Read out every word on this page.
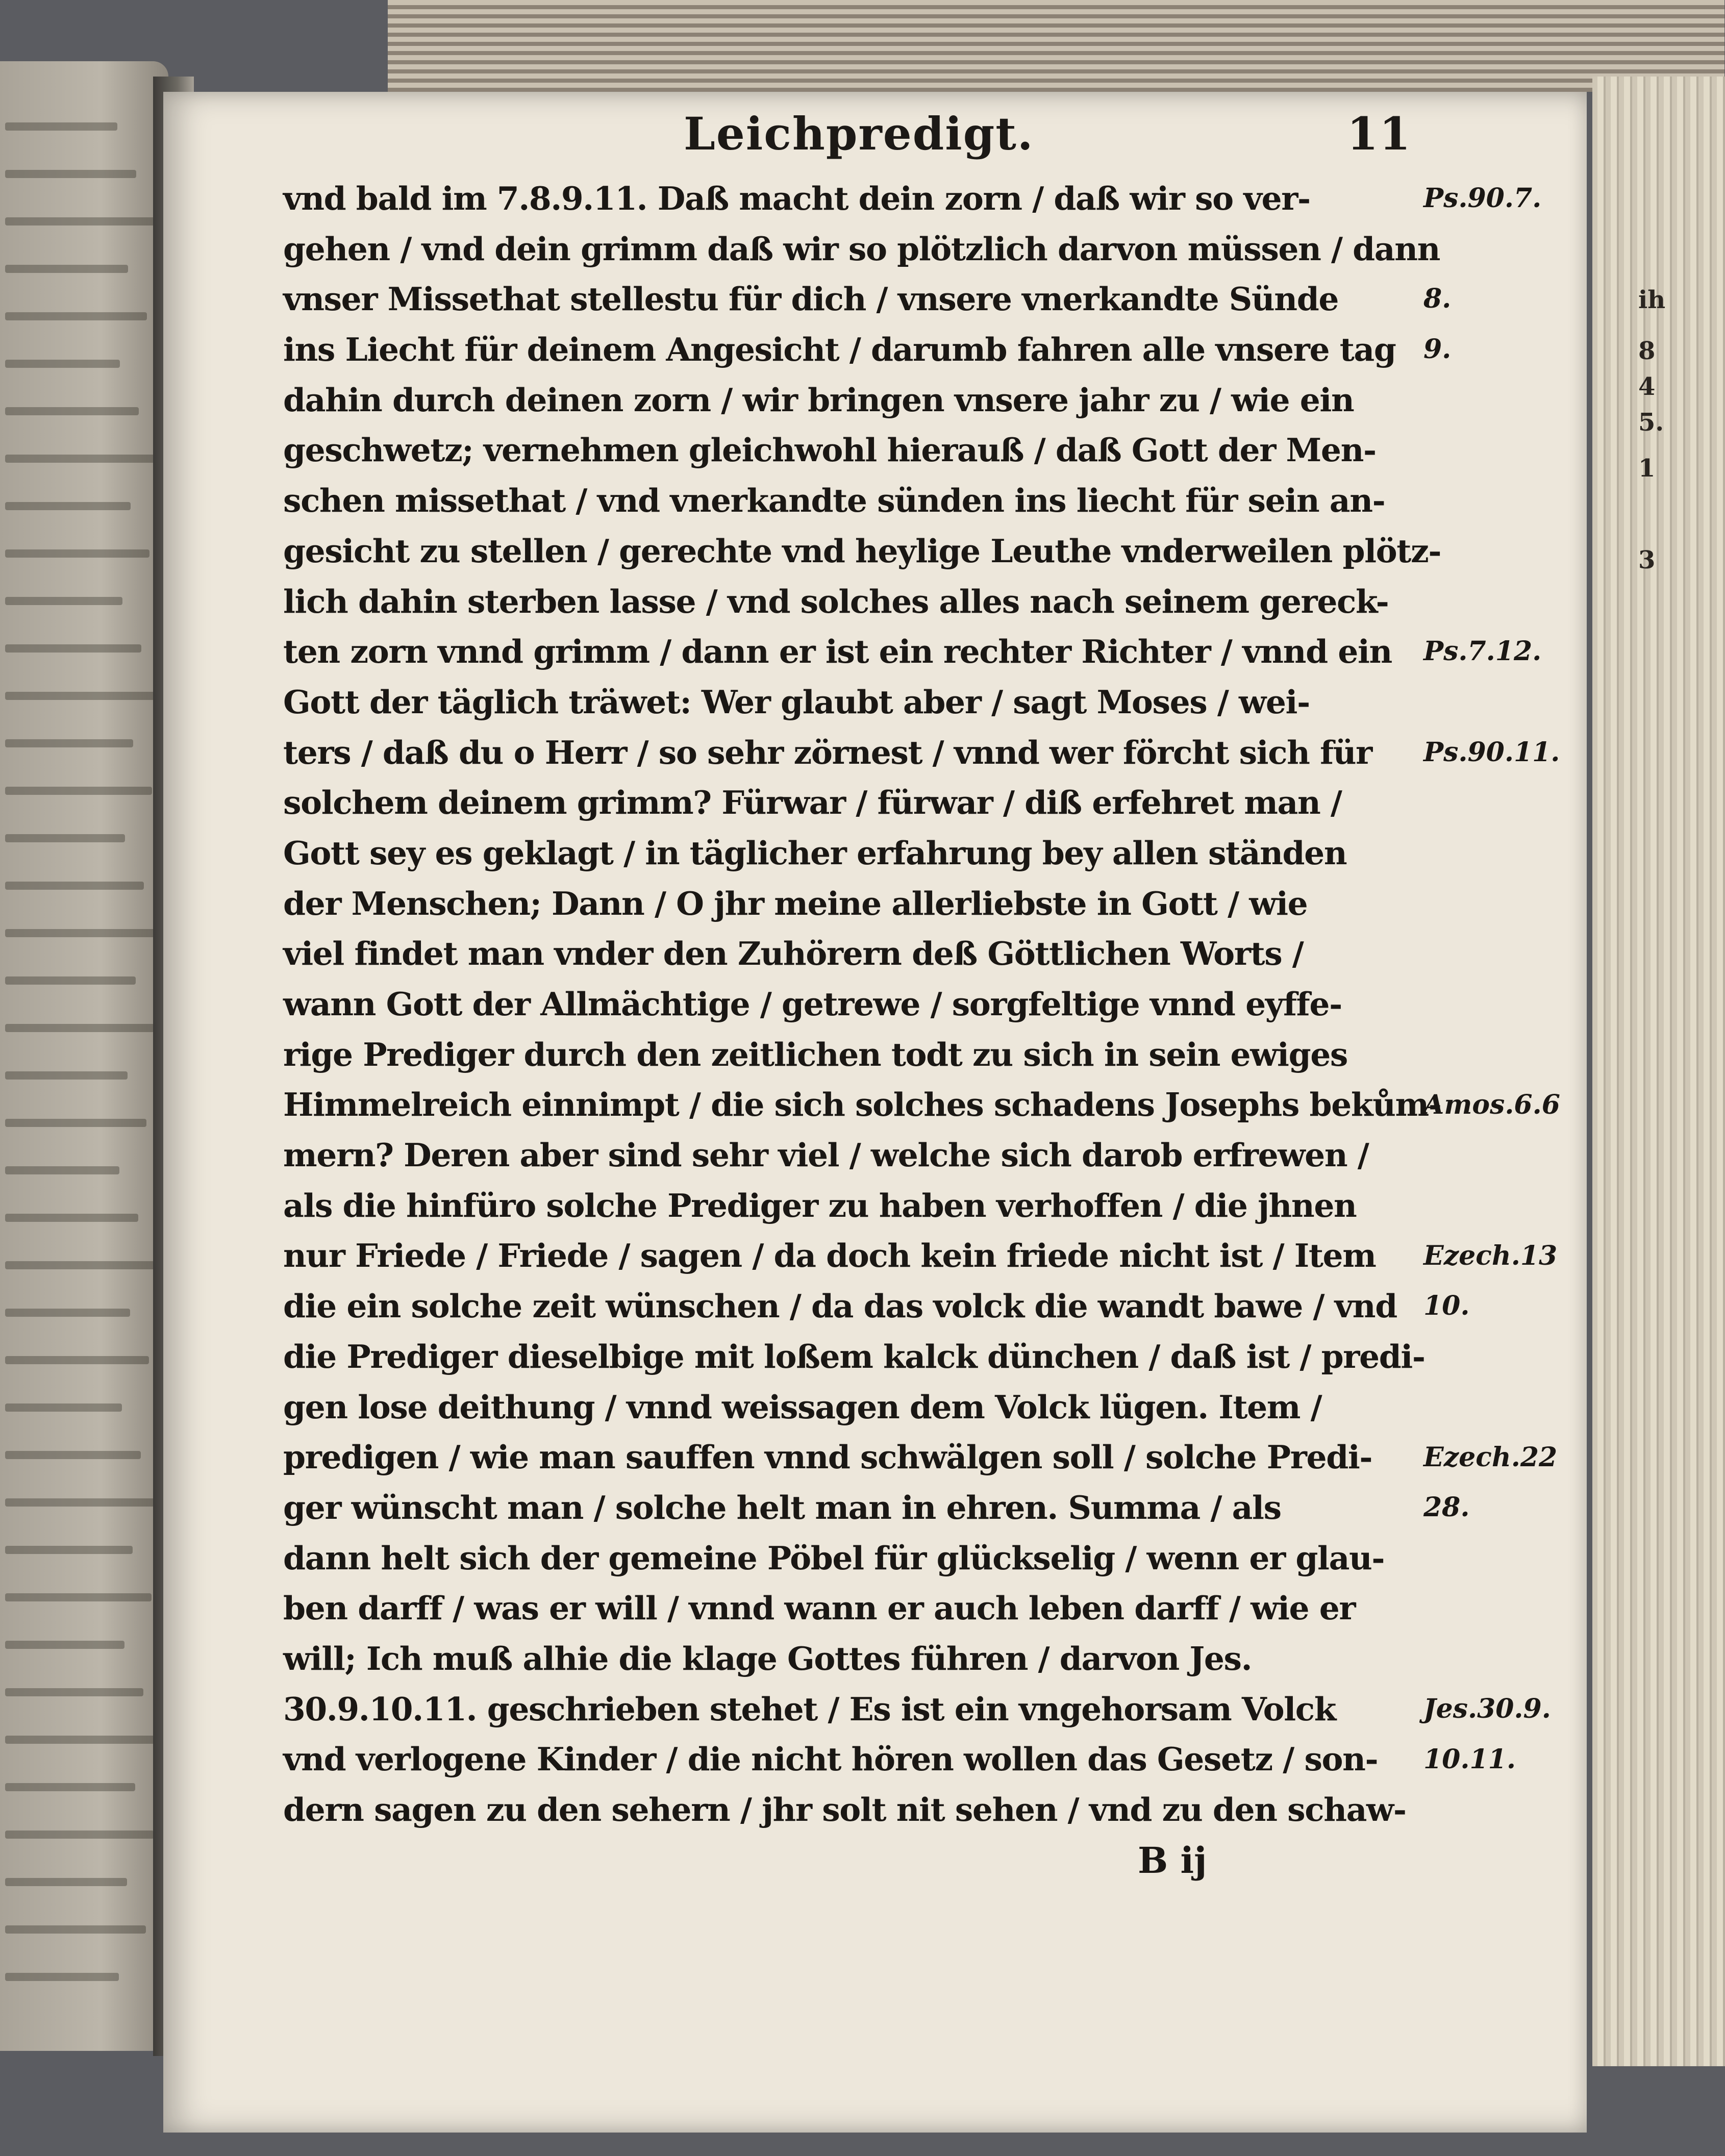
ih
8
4
5.
1
3
Leichpredigt.	11
vnd bald im 7.8.9.11. Daß macht dein zorn / daß wir so ver-
gehen / vnd dein grimm daß wir so plötzlich darvon müssen / dann
vnser Missethat stellestu für dich / vnsere vnerkandte Sünde
ins Liecht für deinem Angesicht / darumb fahren alle vnsere tag
dahin durch deinen zorn / wir bringen vnsere jahr zu / wie ein
geschwetz; vernehmen gleichwohl hierauß / daß Gott der Men-
schen missethat / vnd vnerkandte sünden ins liecht für sein an-
gesicht zu stellen / gerechte vnd heylige Leuthe vnderweilen plötz-
lich dahin sterben lasse / vnd solches alles nach seinem gereck-
ten zorn vnnd grimm / dann er ist ein rechter Richter / vnnd ein
Gott der täglich träwet: Wer glaubt aber / sagt Moses / wei-
ters / daß du o Herr / so sehr zörnest / vnnd wer förcht sich für
solchem deinem grimm? Fürwar / fürwar / diß erfehret man /
Gott sey es geklagt / in täglicher erfahrung bey allen ständen
der Menschen; Dann / O jhr meine allerliebste in Gott / wie
viel findet man vnder den Zuhörern deß Göttlichen Worts /
wann Gott der Allmächtige / getrewe / sorgfeltige vnnd eyffe-
rige Prediger durch den zeitlichen todt zu sich in sein ewiges
Himmelreich einnimpt / die sich solches schadens Josephs bekům-
mern? Deren aber sind sehr viel / welche sich darob erfrewen /
als die hinfüro solche Prediger zu haben verhoffen / die jhnen
nur Friede / Friede / sagen / da doch kein friede nicht ist / Item
die ein solche zeit wünschen / da das volck die wandt bawe / vnd
die Prediger dieselbige mit loßem kalck dünchen / daß ist / predi-
gen lose deithung / vnnd weissagen dem Volck lügen. Item /
predigen / wie man sauffen vnnd schwälgen soll / solche Predi-
ger wünscht man / solche helt man in ehren. Summa / als
dann helt sich der gemeine Pöbel für glückselig / wenn er glau-
ben darff / was er will / vnnd wann er auch leben darff / wie er
will; Ich muß alhie die klage Gottes führen / darvon Jes.
30.9.10.11. geschrieben stehet / Es ist ein vngehorsam Volck
vnd verlogene Kinder / die nicht hören wollen das Gesetz / son-
dern sagen zu den sehern / jhr solt nit sehen / vnd zu den schaw-
Ps.90.7.
8.
9.
Ps.7.12.
Ps.90.11.
Amos.6.6
Ezech.13
10.
Ezech.22
28.
Jes.30.9.
10.11.
B ij
